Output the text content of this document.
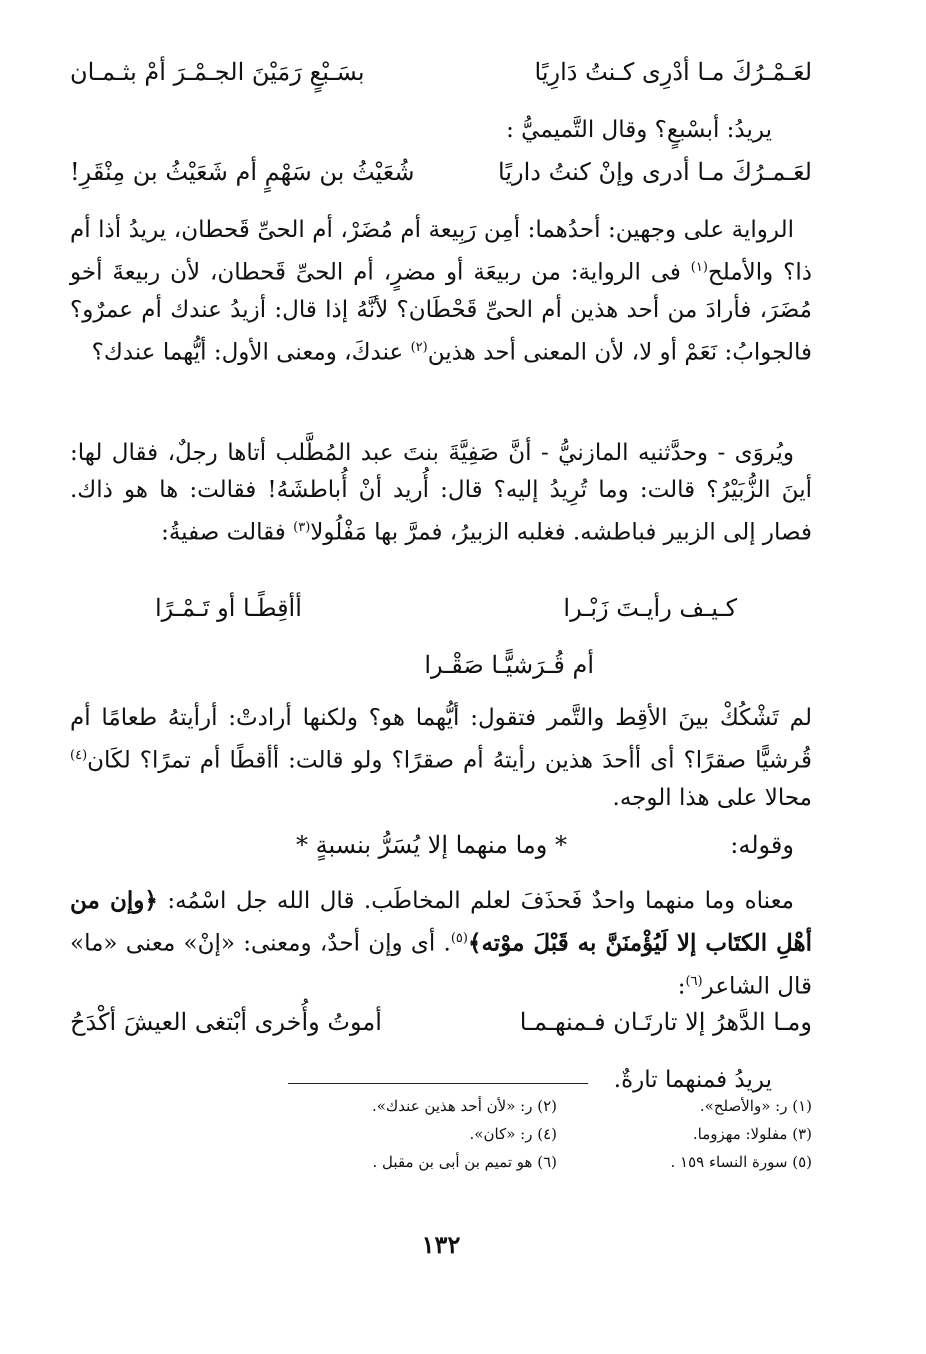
لعَـمْـرُكَ مـا أدْرِى كـنتُ دَارِيًا
بسَـبْعٍ رَمَيْنَ الجـمْـرَ أمْ بثـمـان
يريدُ: أبسْبعٍ؟ وقال التَّميميُّ :
لعَـمـرُكَ مـا أدرى وإنْ كنتُ داريًا
شُعَيْثُ بن سَهْمٍ أم شَعَيْثُ بن مِنْقَرِ!
الرواية على وجهين: أحدُهما: أمِن رَبِيعة أم مُضَرْ، أم الحىِّ قَحطان، يريدُ أذا أم ذا؟ والأملح$^{(١)}$ فى الرواية: من ربيعَة أو مضرٍ، أم الحىِّ قَحطان، لأن ربيعةَ أخو مُضَرَ، فأرادَ من أحد هذين أم الحىِّ قَحْطَان؟ لأنَّهُ إذا قال: أزيدُ عندك أم عمرٌو؟ فالجوابُ: نَعَمْ أو لا، لأن المعنى أحد هذين$^{(٢)}$ عندكَ، ومعنى الأول: أيُّهما عندك؟
ويُروَى - وحدَّثنيه المازنيُّ - أنَّ صَفِيَّةَ بنتَ عبد المُطَّلب أتاها رجلٌ، فقال لها: أينَ الزُّبَيْرُ؟ قالت: وما تُرِيدُ إليه؟ قال: أُريد أنْ أُباطشَهُ! فقالت: ها هو ذاك. فصار إلى الزبير فباطشه. فغلبه الزبيرُ، فمرَّ بها مَفْلُولا$^{(٣)}$ فقالت صفيةُ:
كـيـف رأيـتَ زَبْـرا
أأقِطًـا أو تَـمْـرًا
أم قُـرَشيًّـا صَقْـرا
لم تَشْكُكْ بينَ الأقِط والتَّمر فتقول: أيُّهما هو؟ ولكنها أرادتْ: أرأيتهُ طعامًا أم قُرشيًّا صقرًا؟ أى أأحدَ هذين رأيتهُ أم صقرًا؟ ولو قالت: أأقطًا أم تمرًا؟ لكَان$^{(٤)}$ محالا على هذا الوجه.
وقوله:
* وما منهما إلا يُسَرُّ بنسبةٍ *
معناه وما منهما واحدٌ فَحذَفَ لعلم المخاطَب. قال الله جل اسْمُه: ﴿وإن من أهْلِ الكتَاب إلا لَيُؤْمنَنَّ به قَبْلَ موْته﴾$^{(٥)}$. أى وإن أحدٌ، ومعنى: «إنْ» معنى «ما» قال الشاعر$^{(٦)}$:
ومـا الدَّهرُ إلا تارتَـان فـمنهـمـا
أموتُ وأُخرى أبْتغى العيشَ أكْدَحُ
يريدُ فمنهما تارةٌ.
(١) ر: «والأصلح».
(٢) ر: «لأن أحد هذين عندك».
(٣) مفلولا: مهزوما.
(٤) ر: «كان».
(٥) سورة النساء ١٥٩ .
(٦) هو تميم بن أبى بن مقبل .
١٣٢
